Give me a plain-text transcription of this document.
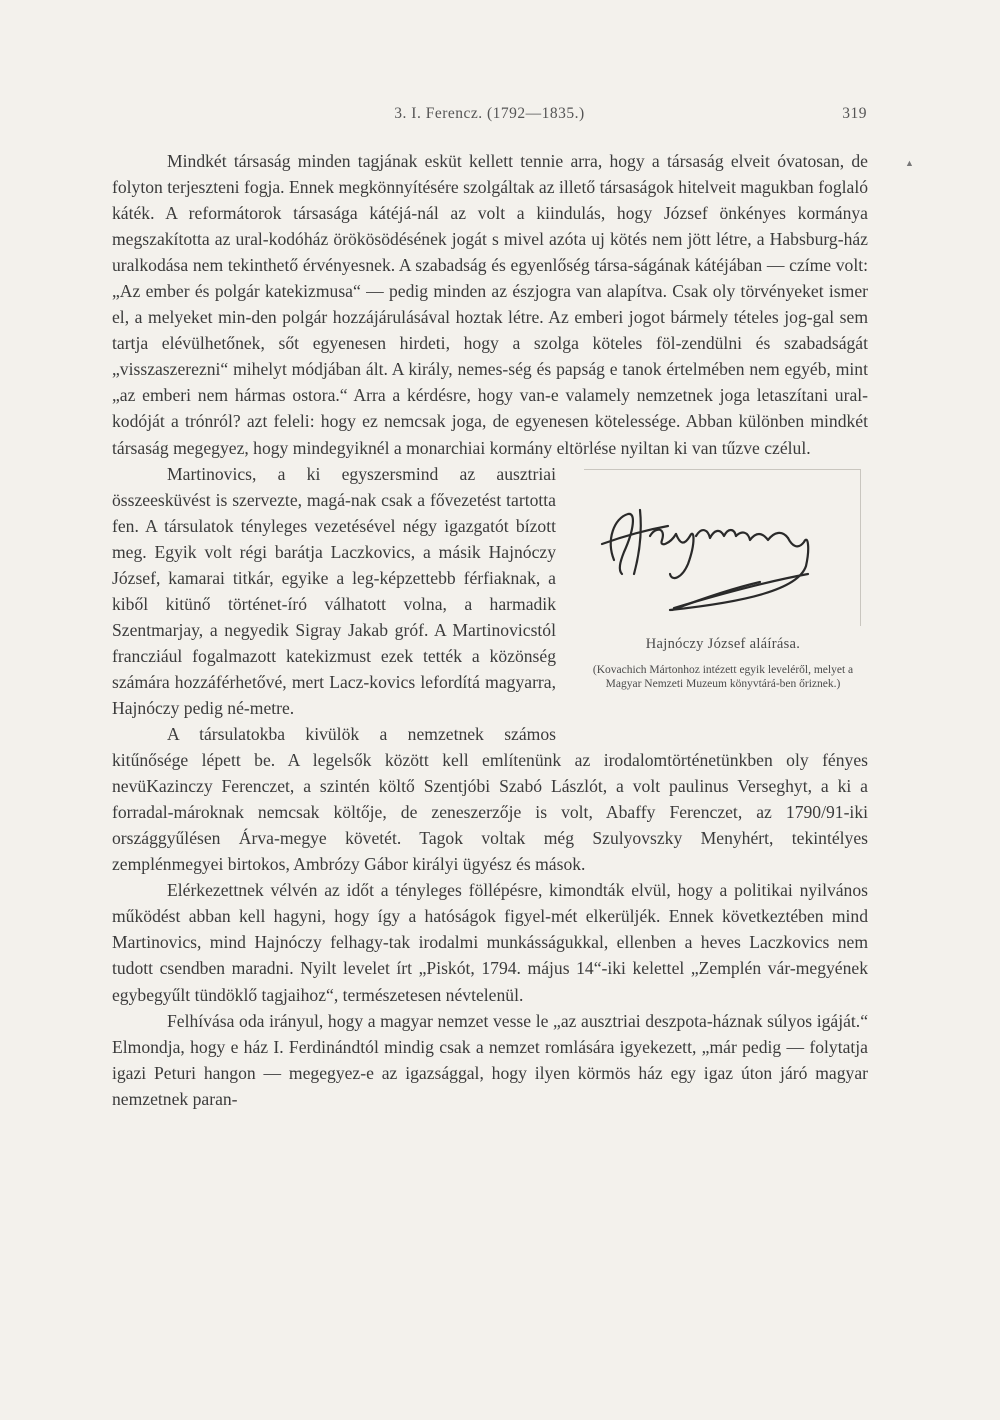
3. I. Ferencz. (1792—1835.)	319
▲

Mindkét társaság minden tagjának esküt kellett tennie arra, hogy a társaság elveit óvatosan, de folyton terjeszteni fogja. Ennek megkönnyítésére szolgáltak az illető társaságok hitelveit magukban foglaló káték. A reformátorok társasága kátéjá-nál az volt a kiindulás, hogy József önkényes kormánya megszakította az ural-kodóház örökösödésének jogát s mivel azóta uj kötés nem jött létre, a Habsburg-ház uralkodása nem tekinthető érvényesnek. A szabadság és egyenlőség társa-ságának kátéjában — czíme volt: „Az ember és polgár katekizmusa“ — pedig minden az észjogra van alapítva. Csak oly törvényeket ismer el, a melyeket min-den polgár hozzájárulásával hoztak létre. Az emberi jogot bármely tételes jog-gal sem tartja elévülhetőnek, sőt egyenesen hirdeti, hogy a szolga köteles föl-zendülni és szabadságát „visszaszerezni“ mihelyt módjában ált. A király, nemes-ség és papság e tanok értelmében nem egyéb, mint „az emberi nem hármas ostora.“ Arra a kérdésre, hogy van-e valamely nemzetnek joga letaszítani ural-kodóját a trónról? azt feleli: hogy ez nemcsak joga, de egyenesen kötelessége. Abban különben mindkét társaság megegyez, hogy mindegyiknél a monarchiai kormány eltörlése nyiltan ki van tűzve czélul.

Hajnóczy József aláírása.
(Kovachich Mártonhoz intézett egyik leveléről, melyet a Magyar Nemzeti Muzeum könyvtárá-ben őriznek.)

Martinovics, a ki egyszersmind az ausztriai összeesküvést is szervezte, magá-nak csak a fővezetést tartotta fen. A társulatok tényleges vezetésével négy igazgatót bízott meg. Egyik volt régi barátja Laczkovics, a másik Hajnóczy József, kamarai titkár, egyike a leg-képzettebb férfiaknak, a kiből kitünő történet-író válhatott volna, a harmadik Szentmarjay, a negyedik Sigray Jakab gróf. A Martinovicstól francziául fogalmazott katekizmust ezek tették a közönség számára hozzáférhetővé, mert Lacz-kovics lefordítá magyarra, Hajnóczy pedig né-metre.

A társulatokba kivülök a nemzetnek számos kitűnősége lépett be. A legelsők között kell említenünk az irodalomtörténetünkben oly fényes nevüKazinczy Ferenczet, a szintén költő Szentjóbi Szabó Lászlót, a volt paulinus Verseghyt, a ki a forradal-mároknak nemcsak költője, de zeneszerzője is volt, Abaffy Ferenczet, az 1790/91-iki országgyűlésen Árva-megye követét. Tagok voltak még Szulyovszky Menyhért, tekintélyes zemplénmegyei birtokos, Ambrózy Gábor királyi ügyész és mások.

Elérkezettnek vélvén az időt a tényleges föllépésre, kimondták elvül, hogy a politikai nyilvános működést abban kell hagyni, hogy így a hatóságok figyel-mét elkerüljék. Ennek következtében mind Martinovics, mind Hajnóczy felhagy-tak irodalmi munkásságukkal, ellenben a heves Laczkovics nem tudott csendben maradni. Nyilt levelet írt „Piskót, 1794. május 14“-iki kelettel „Zemplén vár-megyének egybegyűlt tündöklő tagjaihoz“, természetesen névtelenül.

Felhívása oda irányul, hogy a magyar nemzet vesse le „az ausztriai deszpota-háznak súlyos igáját.“ Elmondja, hogy e ház I. Ferdinándtól mindig csak a nemzet romlására igyekezett, „már pedig — folytatja igazi Peturi hangon — megegyez-e az igazsággal, hogy ilyen körmös ház egy igaz úton járó magyar nemzetnek paran-
